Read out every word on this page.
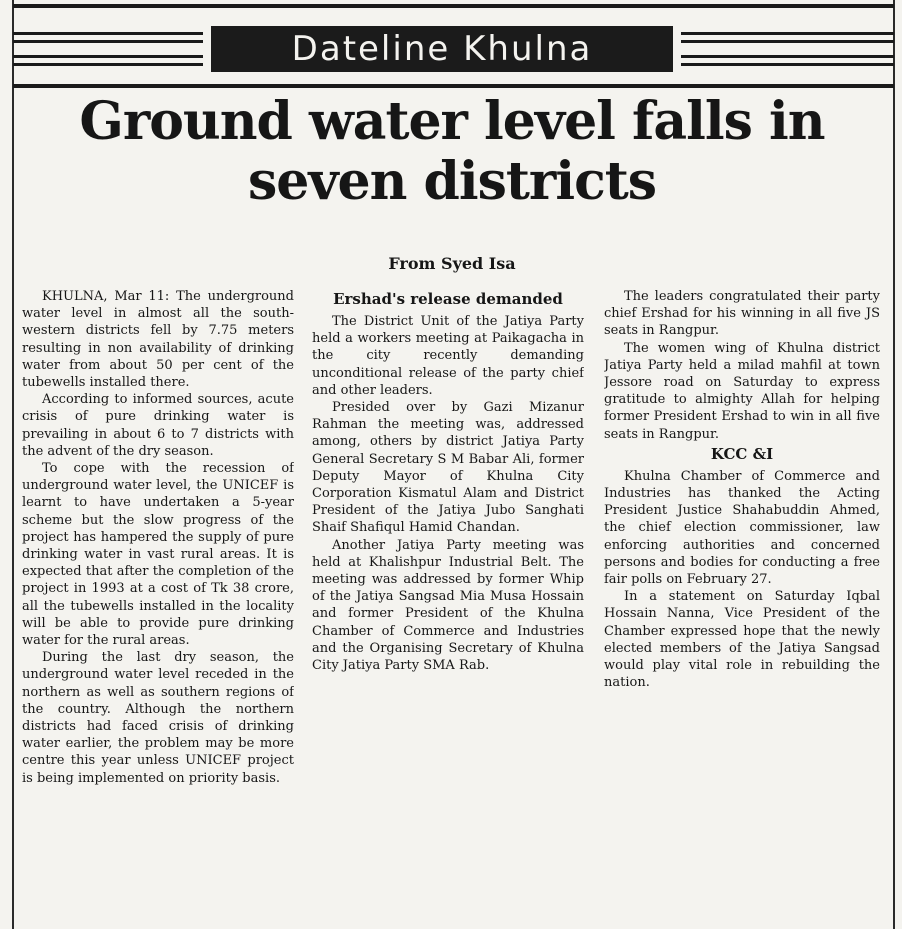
Dateline Khulna
Ground water level falls in seven districts

From Syed Isa

KHULNA, Mar 11: The underground water level in almost all the south-western districts fell by 7.75 meters resulting in non availability of drinking water from about 50 per cent of the tubewells installed there.

According to informed sources, acute crisis of pure drinking water is prevailing in about 6 to 7 districts with the advent of the dry season.

To cope with the recession of underground water level, the UNICEF is learnt to have undertaken a 5-year scheme but the slow progress of the project has hampered the supply of pure drinking water in vast rural areas. It is expected that after the completion of the project in 1993 at a cost of Tk 38 crore, all the tubewells installed in the locality will be able to provide pure drinking water for the rural areas.

During the last dry season, the underground water level receded in the northern as well as southern regions of the country. Although the northern districts had faced crisis of drinking water earlier, the problem may be more centre this year unless UNICEF project is being implemented on priority basis.

Ershad's release demanded

The District Unit of the Jatiya Party held a workers meeting at Paikagacha in the city recently demanding unconditional release of the party chief and other leaders.

Presided over by Gazi Mizanur Rahman the meeting was, addressed among, others by district Jatiya Party General Secretary S M Babar Ali, former Deputy Mayor of Khulna City Corporation Kismatul Alam and District President of the Jatiya Jubo Sanghati Shaif Shafiqul Hamid Chandan.

Another Jatiya Party meeting was held at Khalishpur Industrial Belt. The meeting was addressed by former Whip of the Jatiya Sangsad Mia Musa Hossain and former President of the Khulna Chamber of Commerce and Industries and the Organising Secretary of Khulna City Jatiya Party SMA Rab.

The leaders congratulated their party chief Ershad for his winning in all five JS seats in Rangpur.

The women wing of Khulna district Jatiya Party held a milad mahfil at town Jessore road on Saturday to express gratitude to almighty Allah for helping former President Ershad to win in all five seats in Rangpur.

KCC &I

Khulna Chamber of Commerce and Industries has thanked the Acting President Justice Shahabuddin Ahmed, the chief election commissioner, law enforcing authorities and concerned persons and bodies for conducting a free fair polls on February 27.

In a statement on Saturday Iqbal Hossain Nanna, Vice President of the Chamber expressed hope that the newly elected members of the Jatiya Sangsad would play vital role in rebuilding the nation.
